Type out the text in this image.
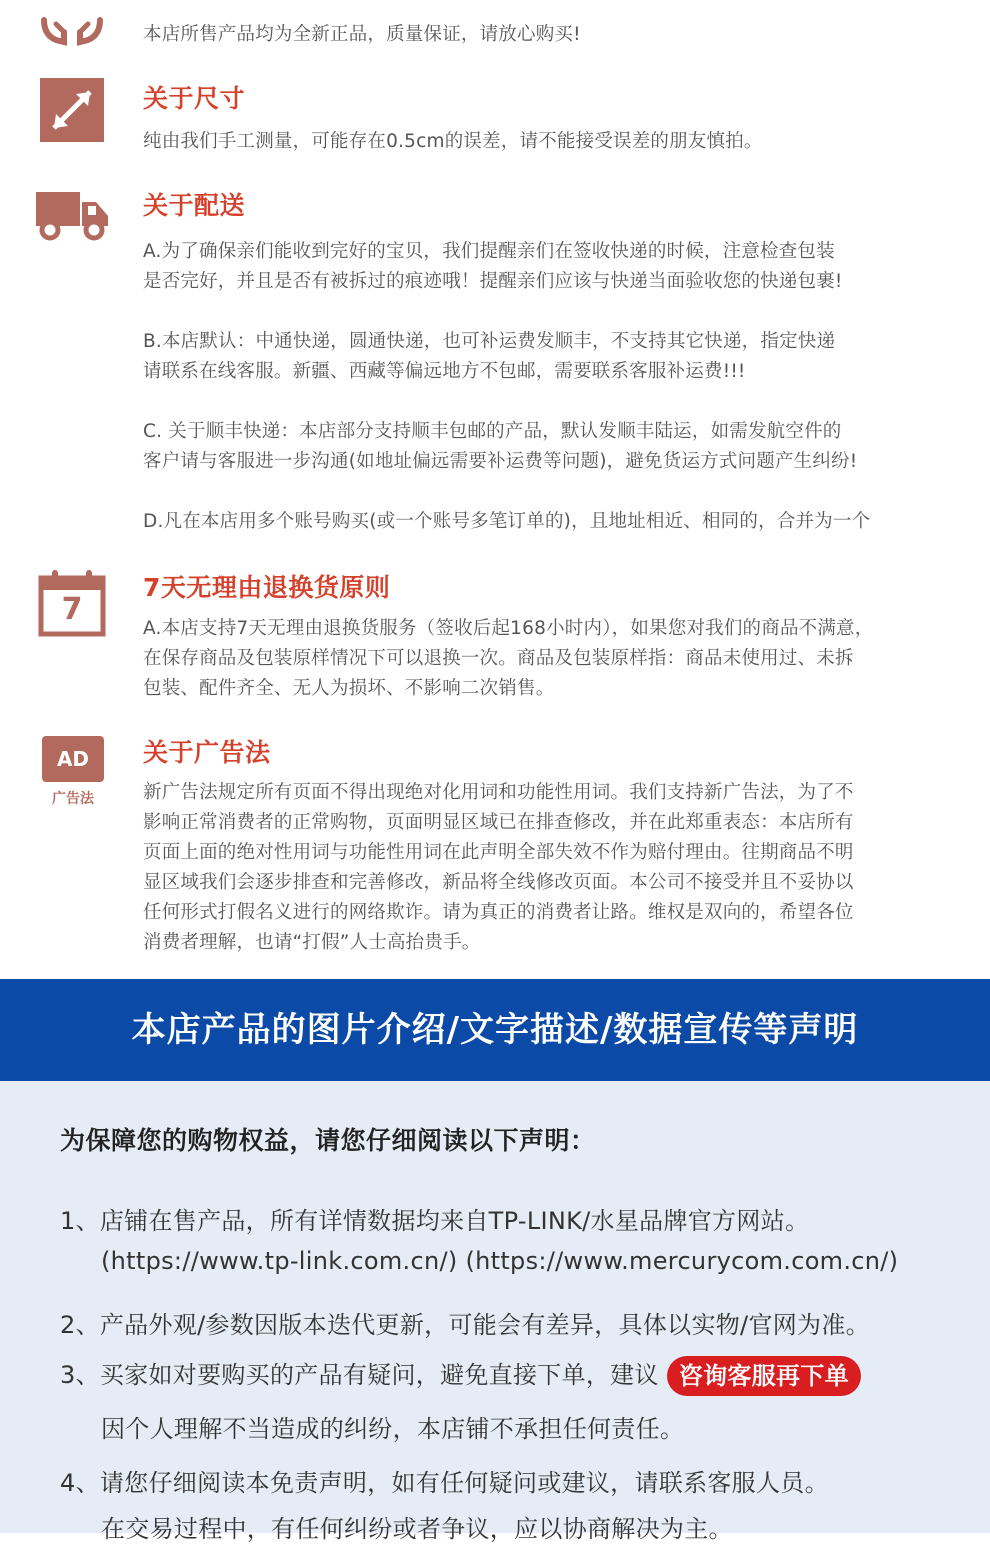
本店所售产品均为全新正品，质量保证，请放心购买!
关于尺寸
纯由我们手工测量，可能存在0.5cm的误差，请不能接受误差的朋友慎拍。
关于配送
A.为了确保亲们能收到完好的宝贝，我们提醒亲们在签收快递的时候，注意检查包装
是否完好，并且是否有被拆过的痕迹哦！提醒亲们应该与快递当面验收您的快递包裹!
B.本店默认：中通快递，圆通快递，也可补运费发顺丰，不支持其它快递，指定快递
请联系在线客服。新疆、西藏等偏远地方不包邮，需要联系客服补运费!!!
C. 关于顺丰快递：本店部分支持顺丰包邮的产品，默认发顺丰陆运，如需发航空件的
客户请与客服进一步沟通(如地址偏远需要补运费等问题)，避免货运方式问题产生纠纷!
D.凡在本店用多个账号购买(或一个账号多笔订单的)，且地址相近、相同的，合并为一个
7
7天无理由退换货原则
A.本店支持7天无理由退换货服务（签收后起168小时内），如果您对我们的商品不满意，
在保存商品及包装原样情况下可以退换一次。商品及包装原样指：商品未使用过、未拆
包装、配件齐全、无人为损坏、不影响二次销售。
AD
广告法
关于广告法
新广告法规定所有页面不得出现绝对化用词和功能性用词。我们支持新广告法，为了不
影响正常消费者的正常购物，页面明显区域已在排查修改，并在此郑重表态：本店所有
页面上面的绝对性用词与功能性用词在此声明全部失效不作为赔付理由。往期商品不明
显区域我们会逐步排查和完善修改，新品将全线修改页面。本公司不接受并且不妥协以
任何形式打假名义进行的网络欺诈。请为真正的消费者让路。维权是双向的，希望各位
消费者理解，也请“打假”人士高抬贵手。
本店产品的图片介绍/文字描述/数据宣传等声明
为保障您的购物权益，请您仔细阅读以下声明：
1、店铺在售产品，所有详情数据均来自TP-LINK/水星品牌官方网站。
(https://www.tp-link.com.cn/) (https://www.mercurycom.com.cn/)
2、产品外观/参数因版本迭代更新，可能会有差异，具体以实物/官网为准。
3、买家如对要购买的产品有疑问，避免直接下单，建议 咨询客服再下单
因个人理解不当造成的纠纷，本店铺不承担任何责任。
4、请您仔细阅读本免责声明，如有任何疑问或建议，请联系客服人员。
在交易过程中，有任何纠纷或者争议，应以协商解决为主。
